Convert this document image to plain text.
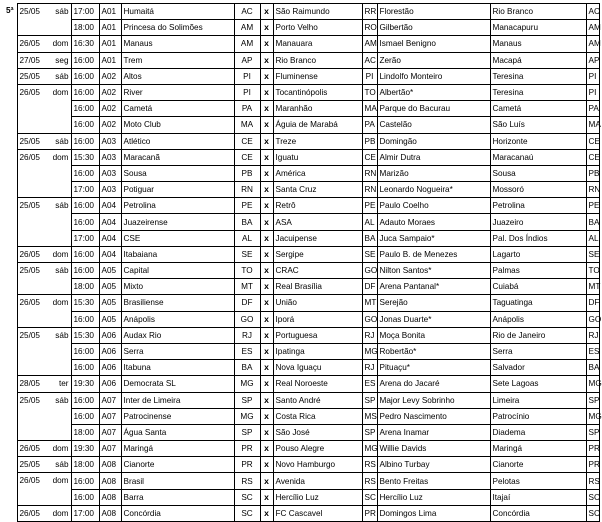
5ª	25/05 sáb	17:00	A01	Humaitá	AC	x	São Raimundo	RR	Florestão	Rio Branco	AC
		18:00	A01	Princesa do Solimões	AM	x	Porto Velho	RO	Gilbertão	Manacapuru	AM

	26/05 dom	16:30	A01	Manaus	AM	x	Manauara	AM	Ismael Benigno	Manaus	AM

	27/05 seg	16:00	A01	Trem	AP	x	Rio Branco	AC	Zerão	Macapá	AP

	25/05 sáb	16:00	A02	Altos	PI	x	Fluminense	PI	Lindolfo Monteiro	Teresina	PI

	26/05 dom	16:00	A02	River	PI	x	Tocantinópolis	TO	Albertão*	Teresina	PI
		16:00	A02	Cametá	PA	x	Maranhão	MA	Parque do Bacurau	Cametá	PA
		16:00	A02	Moto Club	MA	x	Águia de Marabá	PA	Castelão	São Luís	MA

	25/05 sáb	16:00	A03	Atlético	CE	x	Treze	PB	Domingão	Horizonte	CE

	26/05 dom	15:30	A03	Maracanã	CE	x	Iguatu	CE	Almir Dutra	Maracanaú	CE
		16:00	A03	Sousa	PB	x	América	RN	Marizão	Sousa	PB
		17:00	A03	Potiguar	RN	x	Santa Cruz	RN	Leonardo Nogueira*	Mossoró	RN

	25/05 sáb	16:00	A04	Petrolina	PE	x	Retrô	PE	Paulo Coelho	Petrolina	PE
		16:00	A04	Juazeirense	BA	x	ASA	AL	Adauto Moraes	Juazeiro	BA
		17:00	A04	CSE	AL	x	Jacuipense	BA	Juca Sampaio*	Pal. Dos Índios	AL

	26/05 dom	16:00	A04	Itabaiana	SE	x	Sergipe	SE	Paulo B. de Menezes	Lagarto	SE

	25/05 sáb	16:00	A05	Capital	TO	x	CRAC	GO	Nilton Santos*	Palmas	TO
		18:00	A05	Mixto	MT	x	Real Brasília	DF	Arena Pantanal*	Cuiabá	MT

	26/05 dom	15:30	A05	Brasiliense	DF	x	União	MT	Serejão	Taguatinga	DF
		16:00	A05	Anápolis	GO	x	Iporá	GO	Jonas Duarte*	Anápolis	GO

	25/05 sáb	15:30	A06	Audax Rio	RJ	x	Portuguesa	RJ	Moça Bonita	Rio de Janeiro	RJ
		16:00	A06	Serra	ES	x	Ipatinga	MG	Robertão*	Serra	ES
		16:00	A06	Itabuna	BA	x	Nova Iguaçu	RJ	Pituaçu*	Salvador	BA

	28/05 ter	19:30	A06	Democrata SL	MG	x	Real Noroeste	ES	Arena do Jacaré	Sete Lagoas	MG

	25/05 sáb	16:00	A07	Inter de Limeira	SP	x	Santo André	SP	Major Levy Sobrinho	Limeira	SP
		16:00	A07	Patrocinense	MG	x	Costa Rica	MS	Pedro Nascimento	Patrocínio	MG
		18:00	A07	Água Santa	SP	x	São José	SP	Arena Inamar	Diadema	SP

	26/05 dom	19:30	A07	Maringá	PR	x	Pouso Alegre	MG	Willie Davids	Maringá	PR

	25/05 sáb	18:00	A08	Cianorte	PR	x	Novo Hamburgo	RS	Albino Turbay	Cianorte	PR

	26/05 dom	16:00	A08	Brasil	RS	x	Avenida	RS	Bento Freitas	Pelotas	RS
		16:00	A08	Barra	SC	x	Hercílio Luz	SC	Hercílio Luz	Itajaí	SC

	26/05 dom	17:00	A08	Concórdia	SC	x	FC Cascavel	PR	Domingos Lima	Concórdia	SC
